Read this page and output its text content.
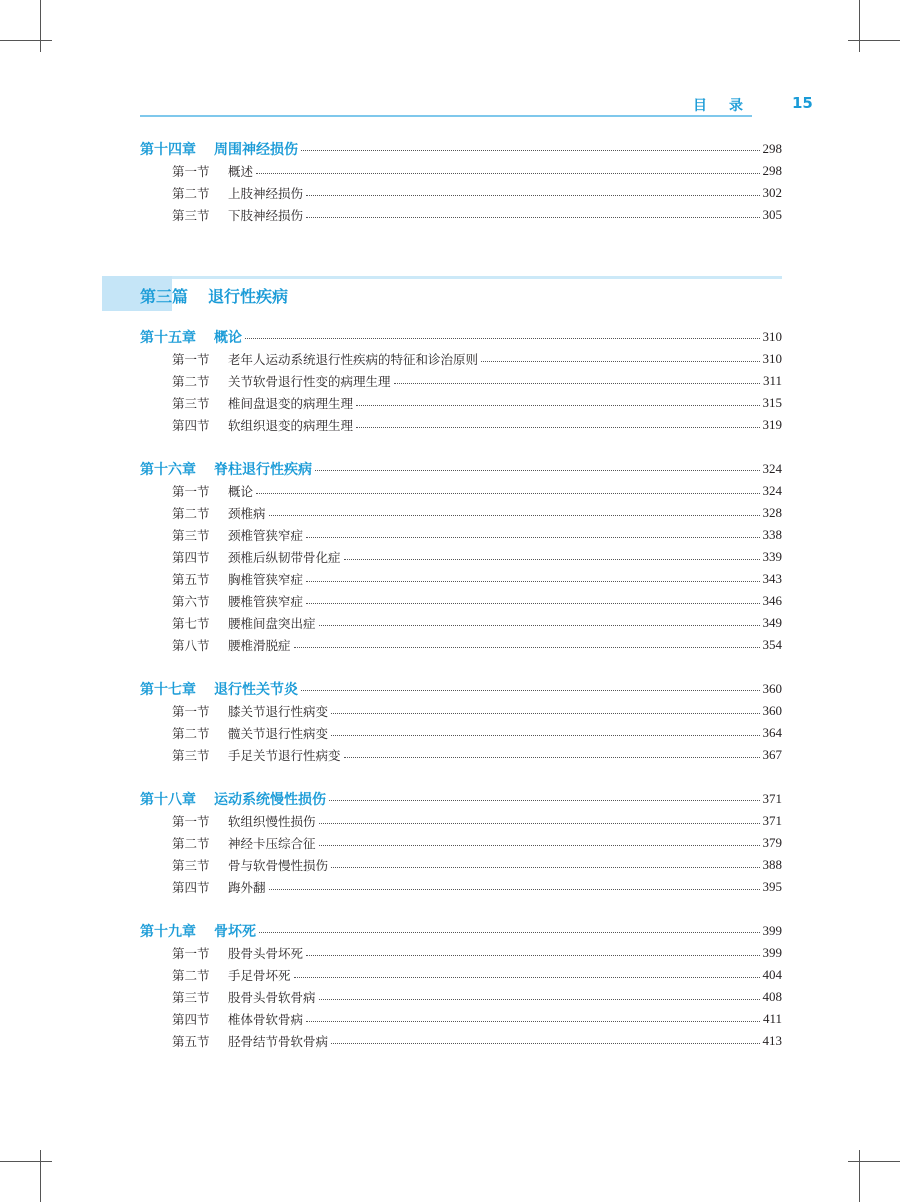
目录 15
第十四章	周围神经损伤	298
第一节	概述	298
第二节	上肢神经损伤	302
第三节	下肢神经损伤	305
第三篇 退行性疾病
第十五章	概论	310
第一节	老年人运动系统退行性疾病的特征和诊治原则	310
第二节	关节软骨退行性变的病理生理	311
第三节	椎间盘退变的病理生理	315
第四节	软组织退变的病理生理	319
第十六章	脊柱退行性疾病	324
第一节	概论	324
第二节	颈椎病	328
第三节	颈椎管狭窄症	338
第四节	颈椎后纵韧带骨化症	339
第五节	胸椎管狭窄症	343
第六节	腰椎管狭窄症	346
第七节	腰椎间盘突出症	349
第八节	腰椎滑脱症	354
第十七章	退行性关节炎	360
第一节	膝关节退行性病变	360
第二节	髋关节退行性病变	364
第三节	手足关节退行性病变	367
第十八章	运动系统慢性损伤	371
第一节	软组织慢性损伤	371
第二节	神经卡压综合征	379
第三节	骨与软骨慢性损伤	388
第四节	踇外翻	395
第十九章	骨坏死	399
第一节	股骨头骨坏死	399
第二节	手足骨坏死	404
第三节	股骨头骨软骨病	408
第四节	椎体骨软骨病	411
第五节	胫骨结节骨软骨病	413
